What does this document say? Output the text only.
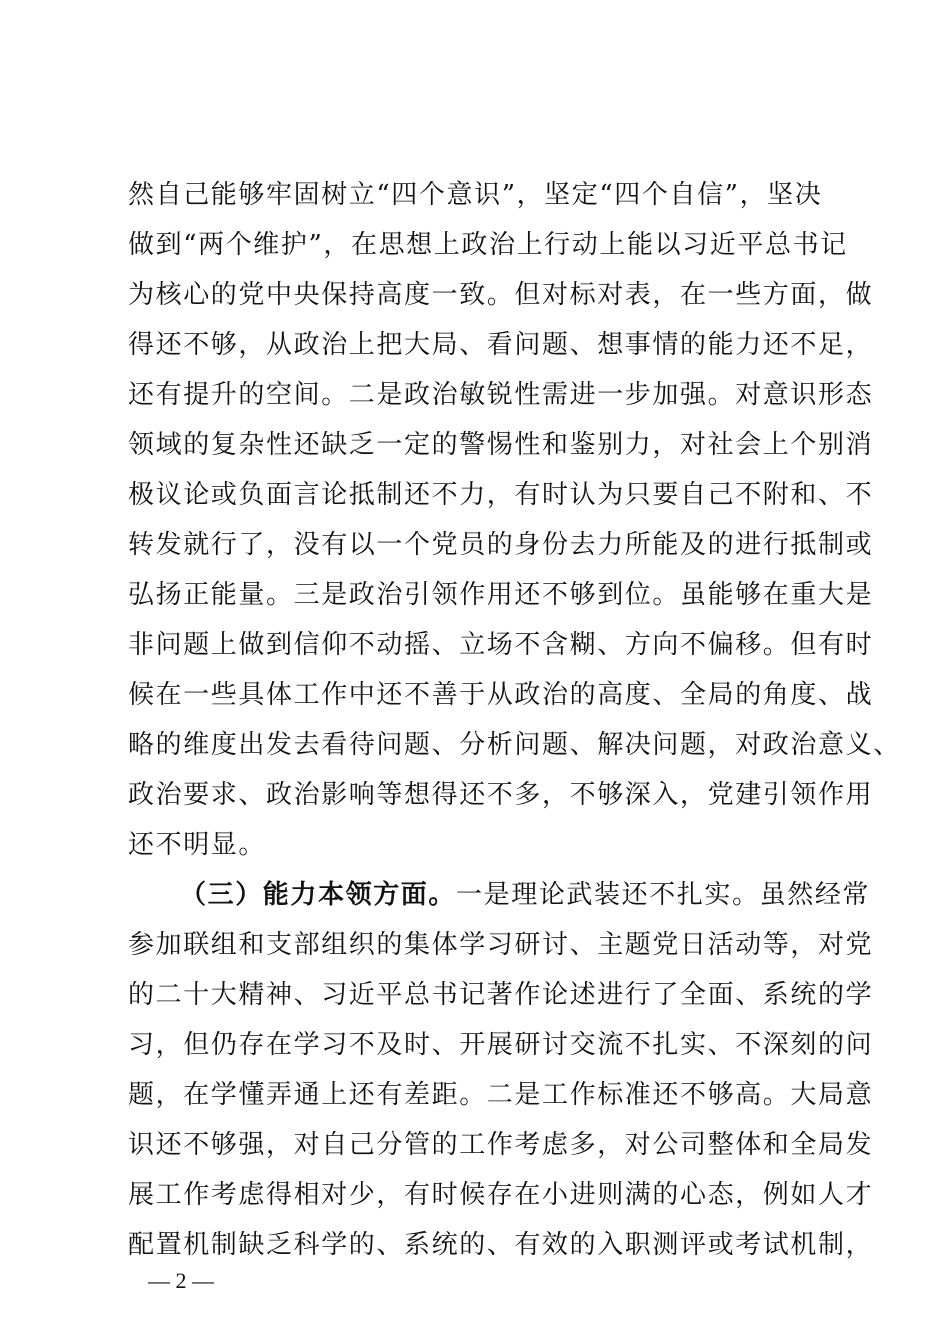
然自己能够牢固树立“四个意识”，坚定“四个自信”，坚决
做到“两个维护”，在思想上政治上行动上能以习近平总书记
为核心的党中央保持高度一致。但对标对表，在一些方面，做
得还不够，从政治上把大局、看问题、想事情的能力还不足，
还有提升的空间。二是政治敏锐性需进一步加强。对意识形态
领域的复杂性还缺乏一定的警惕性和鉴别力，对社会上个别消
极议论或负面言论抵制还不力，有时认为只要自己不附和、不
转发就行了，没有以一个党员的身份去力所能及的进行抵制或
弘扬正能量。三是政治引领作用还不够到位。虽能够在重大是
非问题上做到信仰不动摇、立场不含糊、方向不偏移。但有时
候在一些具体工作中还不善于从政治的高度、全局的角度、战
略的维度出发去看待问题、分析问题、解决问题，对政治意义、
政治要求、政治影响等想得还不多，不够深入，党建引领作用
还不明显。
（三）能力本领方面。一是理论武装还不扎实。虽然经常
参加联组和支部组织的集体学习研讨、主题党日活动等，对党
的二十大精神、习近平总书记著作论述进行了全面、系统的学
习，但仍存在学习不及时、开展研讨交流不扎实、不深刻的问
题，在学懂弄通上还有差距。二是工作标准还不够高。大局意
识还不够强，对自己分管的工作考虑多，对公司整体和全局发
展工作考虑得相对少，有时候存在小进则满的心态，例如人才
配置机制缺乏科学的、系统的、有效的入职测评或考试机制，
— 2 —
